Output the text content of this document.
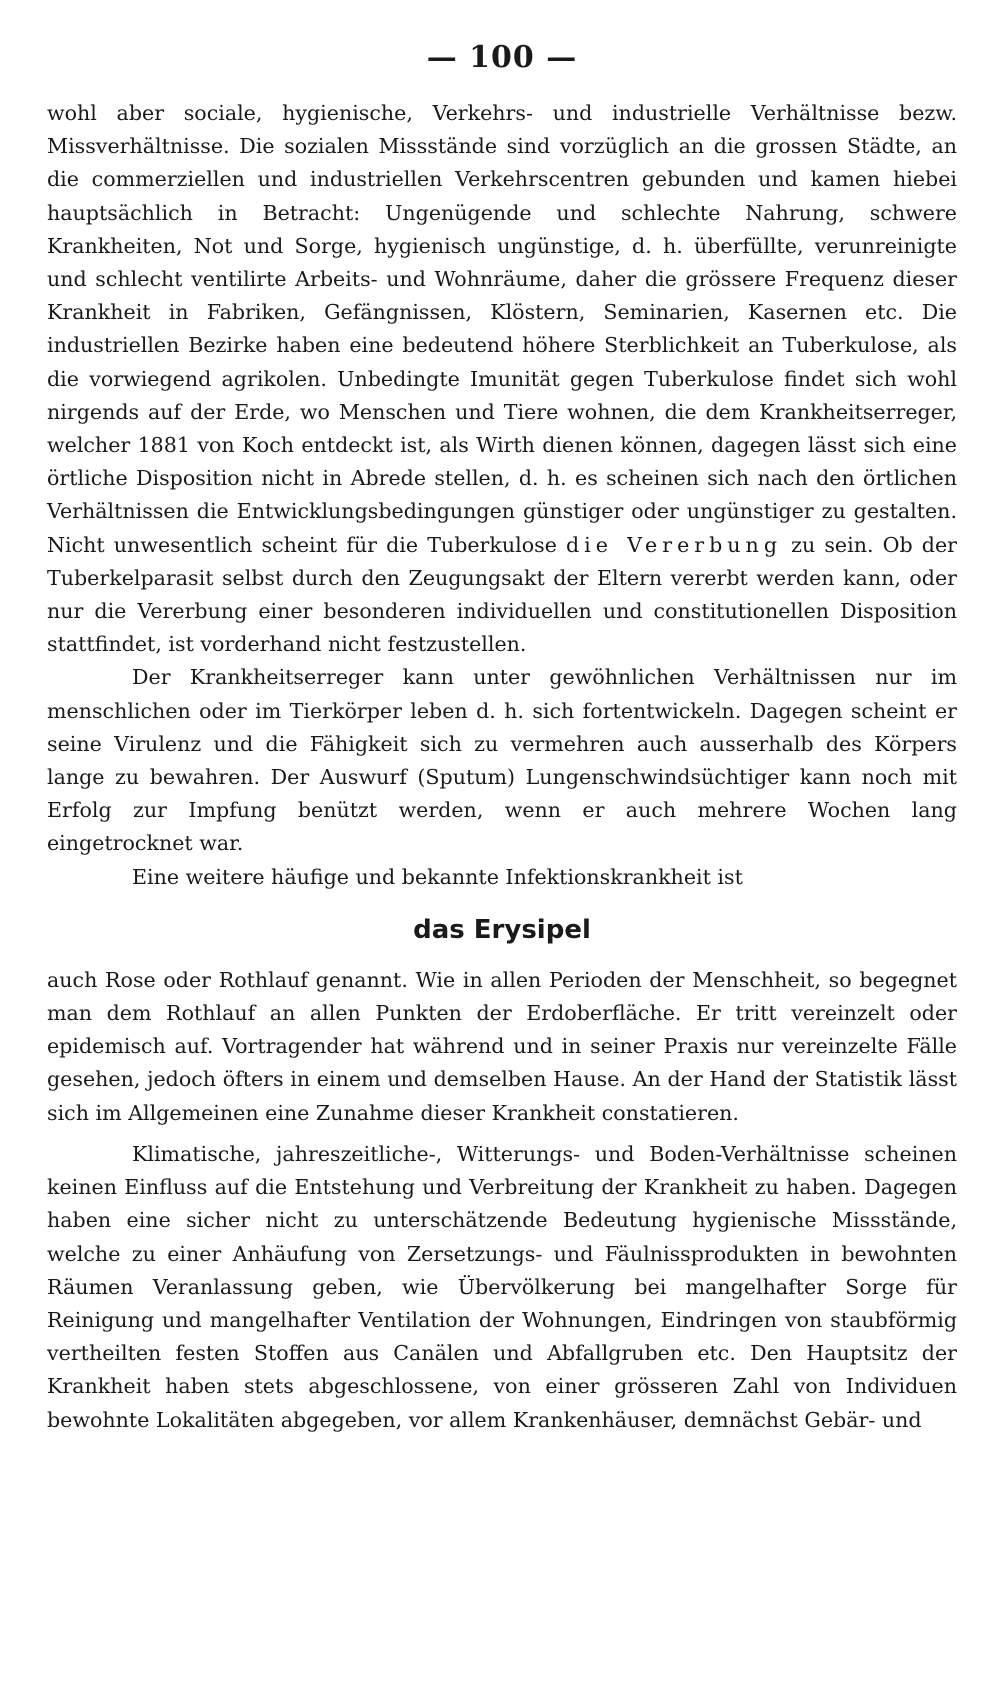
— 100 —

wohl aber sociale, hygienische, Verkehrs- und industrielle Verhältnisse bezw. Missverhältnisse. Die sozialen Missstände sind vorzüglich an die grossen Städte, an die commerziellen und industriellen Verkehrscentren gebunden und kamen hiebei hauptsächlich in Betracht: Ungenügende und schlechte Nahrung, schwere Krankheiten, Not und Sorge, hygienisch ungünstige, d. h. überfüllte, verunreinigte und schlecht ventilirte Arbeits- und Wohnräume, daher die grössere Frequenz dieser Krankheit in Fabriken, Gefängnissen, Klöstern, Seminarien, Kasernen etc. Die industriellen Bezirke haben eine bedeutend höhere Sterblichkeit an Tuberkulose, als die vorwiegend agrikolen. Unbedingte Imunität gegen Tuberkulose findet sich wohl nirgends auf der Erde, wo Menschen und Tiere wohnen, die dem Krankheitserreger, welcher 1881 von Koch entdeckt ist, als Wirth dienen können, dagegen lässt sich eine örtliche Disposition nicht in Abrede stellen, d. h. es scheinen sich nach den örtlichen Verhältnissen die Entwicklungsbedingungen günstiger oder ungünstiger zu gestalten. Nicht unwesentlich scheint für die Tuberkulose die Vererbung zu sein. Ob der Tuberkelparasit selbst durch den Zeugungsakt der Eltern vererbt werden kann, oder nur die Vererbung einer besonderen individuellen und constitutionellen Disposition stattfindet, ist vorderhand nicht festzustellen.

Der Krankheitserreger kann unter gewöhnlichen Verhältnissen nur im menschlichen oder im Tierkörper leben d. h. sich fortentwickeln. Dagegen scheint er seine Virulenz und die Fähigkeit sich zu vermehren auch ausserhalb des Körpers lange zu bewahren. Der Auswurf (Sputum) Lungenschwindsüchtiger kann noch mit Erfolg zur Impfung benützt werden, wenn er auch mehrere Wochen lang eingetrocknet war.

Eine weitere häufige und bekannte Infektionskrankheit ist

das Erysipel

auch Rose oder Rothlauf genannt. Wie in allen Perioden der Menschheit, so begegnet man dem Rothlauf an allen Punkten der Erdoberfläche. Er tritt vereinzelt oder epidemisch auf. Vortragender hat während und in seiner Praxis nur vereinzelte Fälle gesehen, jedoch öfters in einem und demselben Hause. An der Hand der Statistik lässt sich im Allgemeinen eine Zunahme dieser Krankheit constatieren.

Klimatische, jahreszeitliche-, Witterungs- und Boden-Verhältnisse scheinen keinen Einfluss auf die Entstehung und Verbreitung der Krankheit zu haben. Dagegen haben eine sicher nicht zu unterschätzende Bedeutung hygienische Missstände, welche zu einer Anhäufung von Zersetzungs- und Fäulnissprodukten in bewohnten Räumen Veranlassung geben, wie Übervölkerung bei mangelhafter Sorge für Reinigung und mangelhafter Ventilation der Wohnungen, Eindringen von staubförmig vertheilten festen Stoffen aus Canälen und Abfallgruben etc. Den Hauptsitz der Krankheit haben stets abgeschlossene, von einer grösseren Zahl von Individuen bewohnte Lokalitäten abgegeben, vor allem Krankenhäuser, demnächst Gebär- und
